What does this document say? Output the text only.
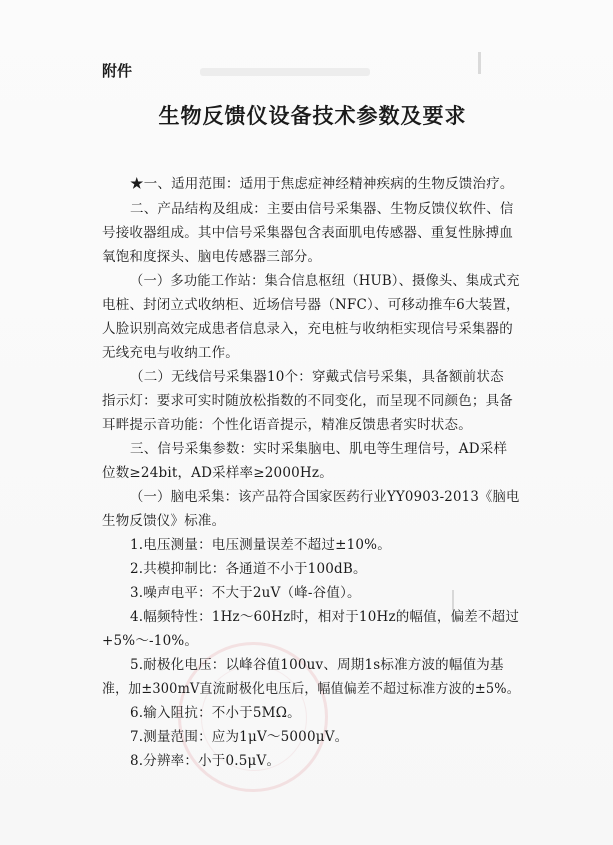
附件
生物反馈仪设备技术参数及要求
★一、适用范围：适用于焦虑症神经精神疾病的生物反馈治疗。
二、产品结构及组成：主要由信号采集器、生物反馈仪软件、信
号接收器组成。其中信号采集器包含表面肌电传感器、重复性脉搏血
氧饱和度探头、脑电传感器三部分。
（一）多功能工作站：集合信息枢纽（HUB）、摄像头、集成式充
电桩、封闭立式收纳柜、近场信号器（NFC）、可移动推车6大装置，
人脸识别高效完成患者信息录入，充电桩与收纳柜实现信号采集器的
无线充电与收纳工作。
（二）无线信号采集器10个：穿戴式信号采集，具备额前状态
指示灯：要求可实时随放松指数的不同变化，而呈现不同颜色；具备
耳畔提示音功能：个性化语音提示，精准反馈患者实时状态。
三、信号采集参数：实时采集脑电、肌电等生理信号，AD采样
位数≥24bit，AD采样率≥2000Hz。
（一）脑电采集：该产品符合国家医药行业YY0903-2013《脑电
生物反馈仪》标准。
1.电压测量：电压测量误差不超过±10%。
2.共模抑制比：各通道不小于100dB。
3.噪声电平：不大于2uV（峰-谷值）。
4.幅频特性：1Hz～60Hz时，相对于10Hz的幅值，偏差不超过
+5%～-10%。
5.耐极化电压：以峰谷值100uv、周期1s标准方波的幅值为基
准，加±300mV直流耐极化电压后，幅值偏差不超过标准方波的±5%。
6.输入阻抗：不小于5MΩ。
7.测量范围：应为1μV～5000μV。
8.分辨率：小于0.5μV。
